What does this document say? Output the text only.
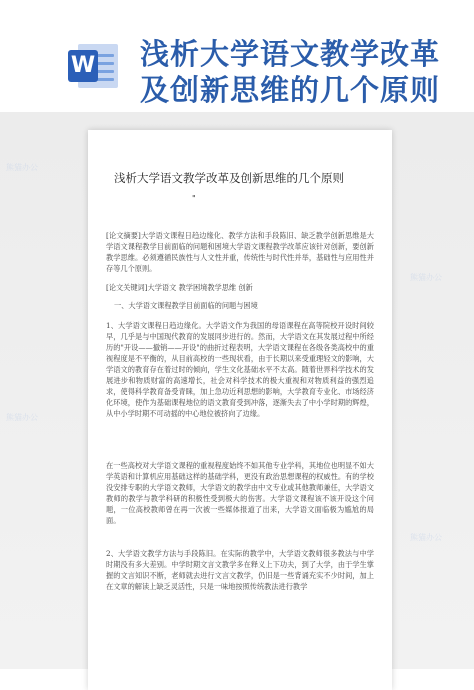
W 浅析大学语文教学改革
及创新思维的几个原则
熊猫办公
熊猫办公
熊猫办公
熊猫办公
浅析大学语文教学改革及创新思维的几个原则
"
[论文摘要]大学语文课程日趋边缘化、教学方法和手段陈旧、缺乏教学创新思维是大学语文课程教学目前面临的问题和困境大学语文课程教学改革应该针对创新，要创新教学思维。必须遵循民族性与人文性并重，传统性与时代性并举，基础性与应用性并存等几个原则。
[论文关键词]大学语文 教学困境教学思维 创新
一、大学语文课程教学目前面临的问题与困境
1、大学语文课程日趋边缘化。大学语文作为我国的母语课程在高等院校开设时间较早，几乎是与中国现代教育的发展同步进行的。然而，大学语文在其发展过程中所经历的"开设——撤销——开设"的曲折过程表明，大学语文课程在各级各类高校中的重视程度是不平衡的，从目前高校的一些现状看，由于长期以来受重理轻文的影响，大学语文的教育存在着过时的倾向，学生文化基础水平不太高。随着世界科学技术的发展进步和物质财富的高速增长，社会对科学技术的极大重视和对物质利益的强烈追求，使得科学教育备受青睐，加上急功近利思想的影响，大学教育专业化、市场经济化环境，使作为基础课程地位的语文教育受到冲落，逐渐失去了中小学时期的辉煌，从中小学时期不可动摇的中心地位被挤向了边缘。
在一些高校对大学语文课程的重视程度始终不如其他专业学科，其地位也明显不如大学英语和计算机应用基础这样的基础学科，更没有政治思想课程的权威性。有的学校没安排专职的大学语文教师，大学语文的教学由中文专业或其他教师兼任，大学语文教师的教学与教学科研的积极性受到极大的伤害。大学语文课程该不该开设这个问题，一位高校教师曾在再一次被一些媒体报道了出来，大学语文面临极为尴尬的局面。
2、大学语文教学方法与手段陈旧。在实际的教学中，大学语文教师很多教法与中学时期没有多大差别。中学时期文言文教学多在释义上下功夫，到了大学，由于学生掌握的文言知识不断，老师就去进行文言文教学，仍旧是一些背诵充实不少时间，加上在文章的解读上缺乏灵活性，只是一味地按照传统教法进行教学
